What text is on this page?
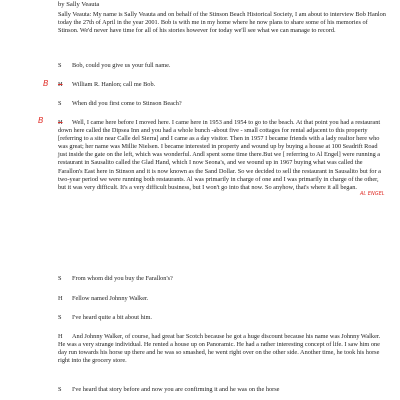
by Sally Veauta

Sally Veauta: My name is Sally Veauta and on behalf of the Stinson Beach Historical Society, I am about to interview Bob Hanlon today the 27th of April in the year 2001. Bob is with me in my home where he now plans to share some of his memories of Stinson. We'd never have time for all of his stories however for today we'll see what we can manage to record.

S Bob, could you give us your full name.

B H William R. Hanlon; call me Bob.

S When did you first come to Stinson Beach?

B H Well, I came here before I moved here. I came here in 1953 and 1954 to go to the beach. At that point you had a restaurant down here called the Dipsea Inn and you had a whole bunch -about five - small cottages for rental adjacent to this property [referring to a site near Calle del Sierra] and I came as a day visitor. Then in 1957 I became friends with a lady realtor here who was great; her name was Millie Nielsen. I became interested in property and wound up by buying a house at 100 Seadrift Road just inside the gate on the left, which was wonderful. Andl spent some time there.But we [ referring to Al Engel] were running a restaurant in Sausalito called the Glad Hand, which I now Seona's, and we wound up in 1967 buying what was called the Farallon's East here in Stinson and it is now known as the Sand Dollar. So we decided to sell the restaurant in Sausalito but for a two-year period we were running both restaurants. Al was primarily in charge of one and I was primarily in charge of the other, but it was very difficult. It's a very difficult business, but I won't go into that now. So anyhow, that's where it all began.

AL ENGEL

S From whom did you buy the Farallon's?

H Fellow named Johnny Walker.

S I've heard quite a bit about him.

H And Johnny Walker, of course, had great bar Scotch because he got a huge discount because his name was Johnny Walker. He was a very strange individual. He rented a house up on Panoramic. He had a rather interesting concept of life. I saw him one day run towards his horse up there and he was so smashed, he went right over on the other side. Another time, he took his horse right into the grocery store.

S I've heard that story before and now you are confirming it and he was on the horse
